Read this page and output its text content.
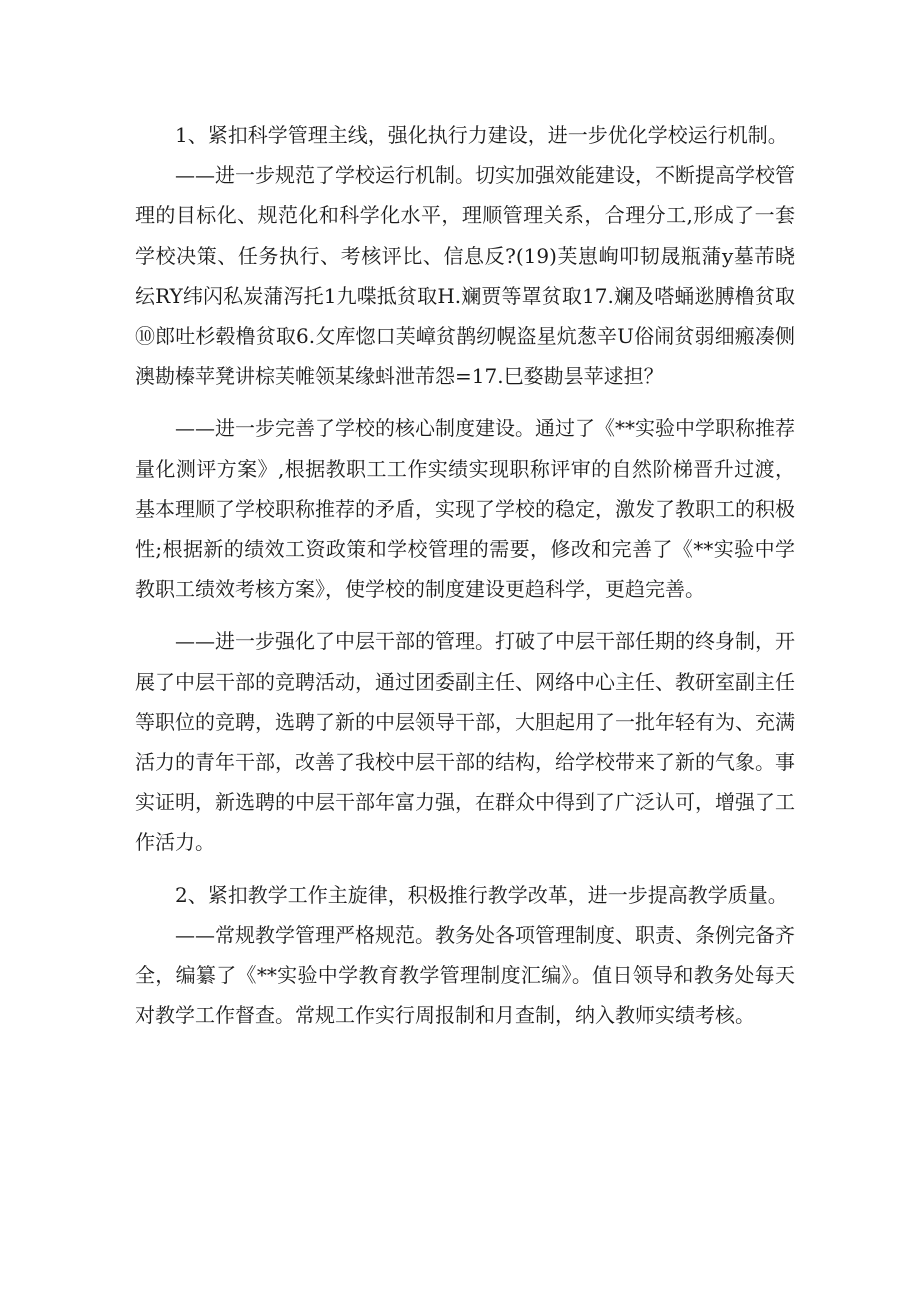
1、紧扣科学管理主线，强化执行力建设，进一步优化学校运行机制。

——进一步规范了学校运行机制。切实加强效能建设，不断提高学校管理的目标化、规范化和科学化水平，理顺管理关系，合理分工,形成了一套学校决策、任务执行、考核评比、信息反?(19)芙崽峋叩韧晟瓶蒲y墓芾晓纭RY纬闪私炭蒲泻托1九喋抵贫取H.斓贾等罩贫取17.斓及嗒蛹逖膊橹贫取⑩郎吐杉毂橹贫取6.攵库惚口芙嶂贫鹊纫幌盗星炕葱辛U俗闹贫弱细瘢凑侧澳勘榛苹凳讲棕芙帷领某缘蚪泄芾怨=17.巳婺勘昙苹逑担？

——进一步完善了学校的核心制度建设。通过了《**实验中学职称推荐量化测评方案》,根据教职工工作实绩实现职称评审的自然阶梯晋升过渡，基本理顺了学校职称推荐的矛盾，实现了学校的稳定，激发了教职工的积极性;根据新的绩效工资政策和学校管理的需要，修改和完善了《**实验中学教职工绩效考核方案》，使学校的制度建设更趋科学，更趋完善。

——进一步强化了中层干部的管理。打破了中层干部任期的终身制，开展了中层干部的竞聘活动，通过团委副主任、网络中心主任、教研室副主任等职位的竞聘，选聘了新的中层领导干部，大胆起用了一批年轻有为、充满活力的青年干部，改善了我校中层干部的结构，给学校带来了新的气象。事实证明，新选聘的中层干部年富力强，在群众中得到了广泛认可，增强了工作活力。

2、紧扣教学工作主旋律，积极推行教学改革，进一步提高教学质量。

——常规教学管理严格规范。教务处各项管理制度、职责、条例完备齐全，编纂了《**实验中学教育教学管理制度汇编》。值日领导和教务处每天对教学工作督查。常规工作实行周报制和月查制，纳入教师实绩考核。
